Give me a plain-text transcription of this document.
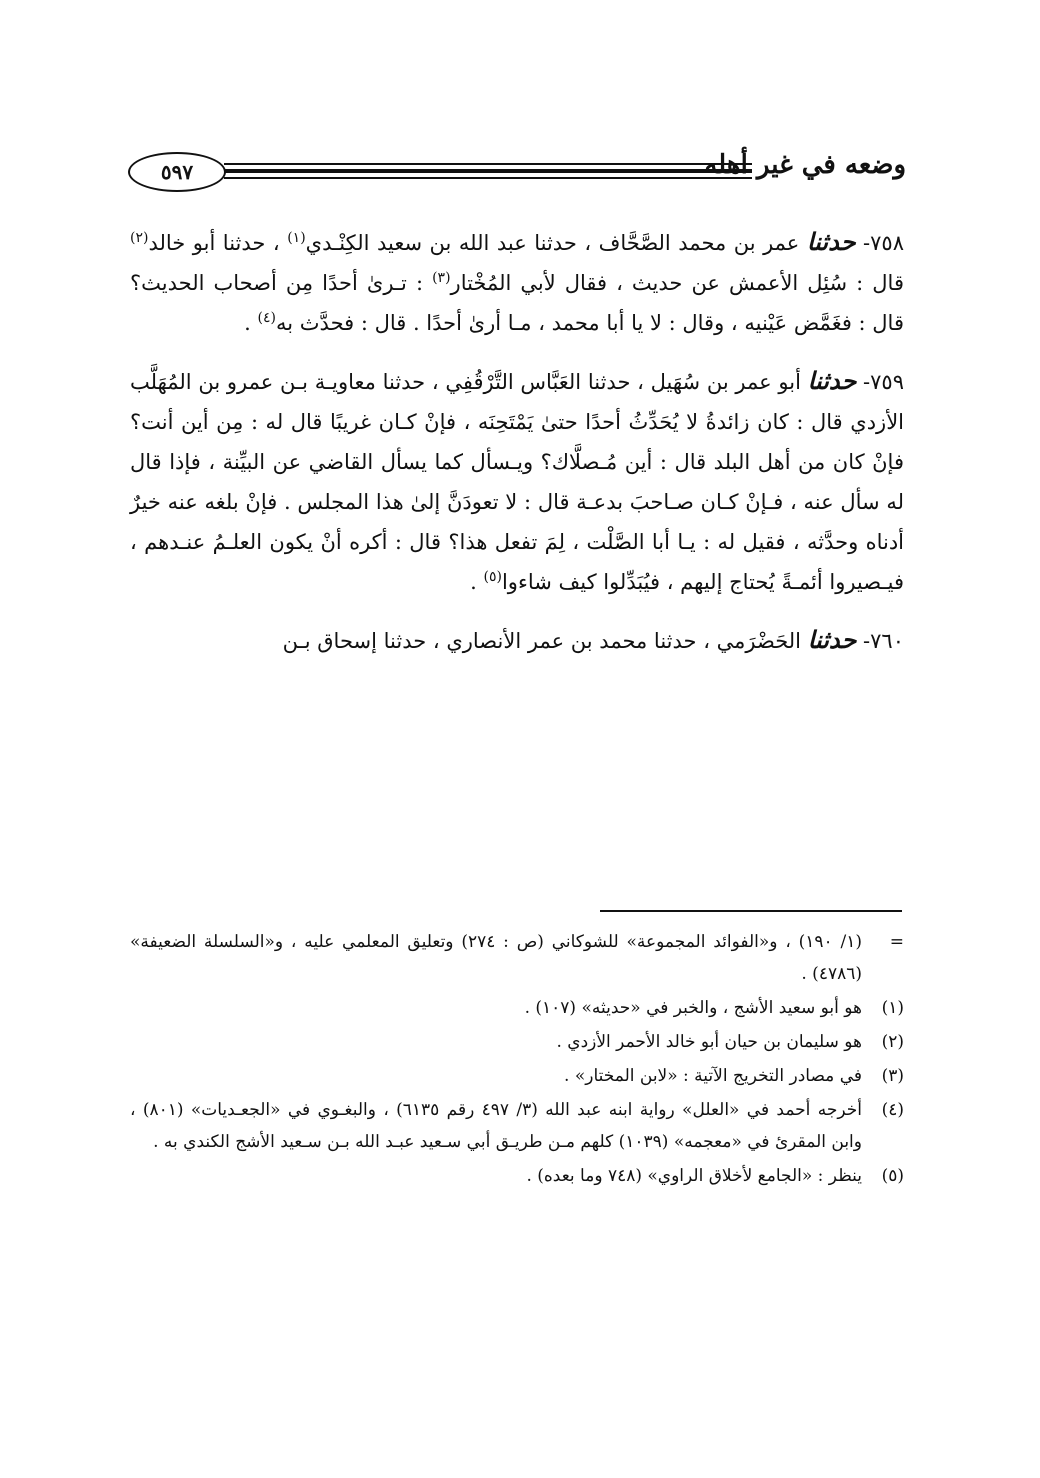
٥٩٧	وضعه في غير أهله

٧٥٨- حدثنا عمر بن محمد الصَّحَّاف ، حدثنا عبد الله بن سعيد الكِنْـدي$^{(١)}$ ، حدثنا أبو خالد$^{(٢)}$ قال : سُئِل الأعمش عن حديث ، فقال لأبي المُخْتار$^{(٣)}$ : تـرىٰ أحدًا مِن أصحاب الحديث؟ قال : فغَمَّض عَيْنيه ، وقال : لا يا أبا محمد ، مـا أرىٰ أحدًا . قال : فحدَّث به$^{(٤)}$ .

٧٥٩- حدثنا أبو عمر بن سُهَيل ، حدثنا العَبَّاس التَّرْقُفِي ، حدثنا معاويـة بـن عمرو بن المُهَلَّب الأزدي قال : كان زائدةُ لا يُحَدِّثُ أحدًا حتىٰ يَمْتَحِنَه ، فإنْ كـان غريبًا قال له : مِن أين أنت؟ فإنْ كان من أهل البلد قال : أين مُـصلَّاك؟ ويـسأل كما يسأل القاضي عن البيِّنة ، فإذا قال له سأل عنه ، فـإنْ كـان صـاحبَ بدعـة قال : لا تعودَنَّ إلىٰ هذا المجلس . فإنْ بلغه عنه خيرٌ أدناه وحدَّثه ، فقيل له : يـا أبا الصَّلْت ، لِمَ تفعل هذا؟ قال : أكره أنْ يكون العلـمُ عنـدهم ، فيـصيروا أئمـةً يُحتاج إليهم ، فيُبَدِّلوا كيف شاءوا$^{(٥)}$ .

٧٦٠- حدثنا الحَضْرَمي ، حدثنا محمد بن عمر الأنصاري ، حدثنا إسحاق بـن

=
(١/ ١٩٠) ، و«الفوائد المجموعة» للشوكاني (ص : ٢٧٤) وتعليق المعلمي عليه ، و«السلسلة الضعيفة» (٤٧٨٦) .

(١)
هو أبو سعيد الأشج ، والخبر في «حديثه» (١٠٧) .

(٢)
هو سليمان بن حيان أبو خالد الأحمر الأزدي .

(٣)
في مصادر التخريج الآتية : «لابن المختار» .

(٤)
أخرجه أحمد في «العلل» رواية ابنه عبد الله (٣/ ٤٩٧ رقم ٦١٣٥) ، والبغـوي في «الجعـديات» (٨٠١) ، وابن المقرئ في «معجمه» (١٠٣٩) كلهم مـن طريـق أبي سـعيد عبـد الله بـن سـعيد الأشج الكندي به .

(٥)
ينظر : «الجامع لأخلاق الراوي» (٧٤٨ وما بعده) .
